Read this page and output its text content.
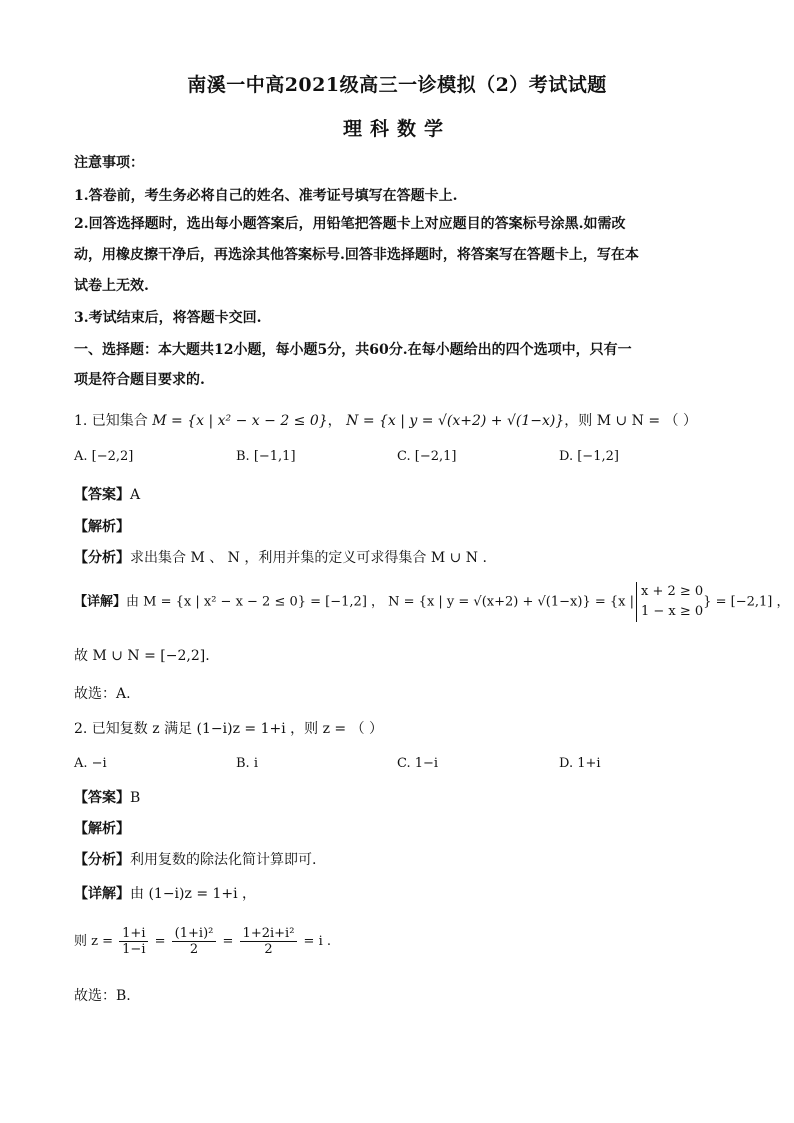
南溪一中高2021级高三一诊模拟（2）考试试题
理科数学
注意事项：
1.答卷前，考生务必将自己的姓名、准考证号填写在答题卡上.
2.回答选择题时，选出每小题答案后，用铅笔把答题卡上对应题目的答案标号涂黑.如需改
动，用橡皮擦干净后，再选涂其他答案标号.回答非选择题时，将答案写在答题卡上，写在本
试卷上无效.
3.考试结束后，将答题卡交回.
一、选择题：本大题共12小题，每小题5分，共60分.在每小题给出的四个选项中，只有一
项是符合题目要求的.
1. 已知集合 M = {x | x² − x − 2 ≤ 0}， N = {x | y = √(x+2) + √(1−x)}，则 M ∪ N = （ ）
A. [−2,2]	B. [−1,1]	C. [−2,1]	D. [−1,2]
【答案】A
【解析】
【分析】求出集合 M 、 N ，利用并集的定义可求得集合 M ∪ N .
【详解】由 M = {x | x² − x − 2 ≤ 0} = [−1,2] ， N = {x | y = √(x+2) + √(1−x)} = {x |
x + 2 ≥ 0
1 − x ≥ 0
} = [−2,1] ，
故 M ∪ N = [−2,2].
故选：A.
2. 已知复数 z 满足 (1−i)z = 1+i ，则 z = （ ）
A. −i	B. i	C. 1−i	D. 1+i
【答案】B
【解析】
【分析】利用复数的除法化简计算即可.
【详解】由 (1−i)z = 1+i ，
则 $z = \frac{1+i}{1-i} = \frac{\text{(1+i)²}}{2} = \frac{\text{1+2i+i²}}{2} = i$ .
故选：B.
